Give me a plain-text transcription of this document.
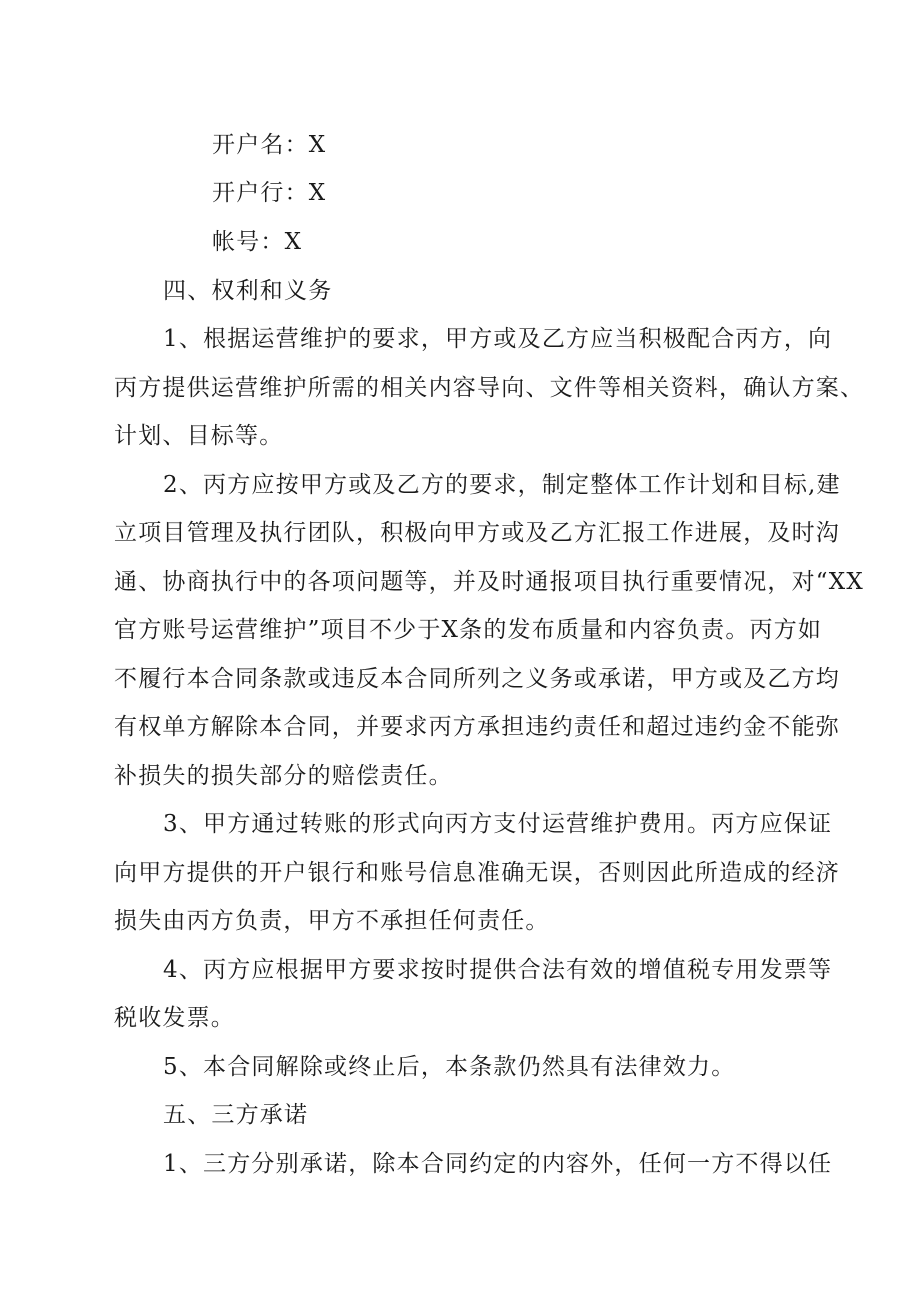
开户名：X
开户行：X
帐号：X
四、权利和义务
1、根据运营维护的要求，甲方或及乙方应当积极配合丙方，向
丙方提供运营维护所需的相关内容导向、文件等相关资料，确认方案、
计划、目标等。
2、丙方应按甲方或及乙方的要求，制定整体工作计划和目标,建
立项目管理及执行团队，积极向甲方或及乙方汇报工作进展，及时沟
通、协商执行中的各项问题等，并及时通报项目执行重要情况，对“XX
官方账号运营维护”项目不少于X条的发布质量和内容负责。丙方如
不履行本合同条款或违反本合同所列之义务或承诺，甲方或及乙方均
有权单方解除本合同，并要求丙方承担违约责任和超过违约金不能弥
补损失的损失部分的赔偿责任。
3、甲方通过转账的形式向丙方支付运营维护费用。丙方应保证
向甲方提供的开户银行和账号信息准确无误，否则因此所造成的经济
损失由丙方负责，甲方不承担任何责任。
4、丙方应根据甲方要求按时提供合法有效的增值税专用发票等
税收发票。
5、本合同解除或终止后，本条款仍然具有法律效力。
五、三方承诺
1、三方分别承诺，除本合同约定的内容外，任何一方不得以任
